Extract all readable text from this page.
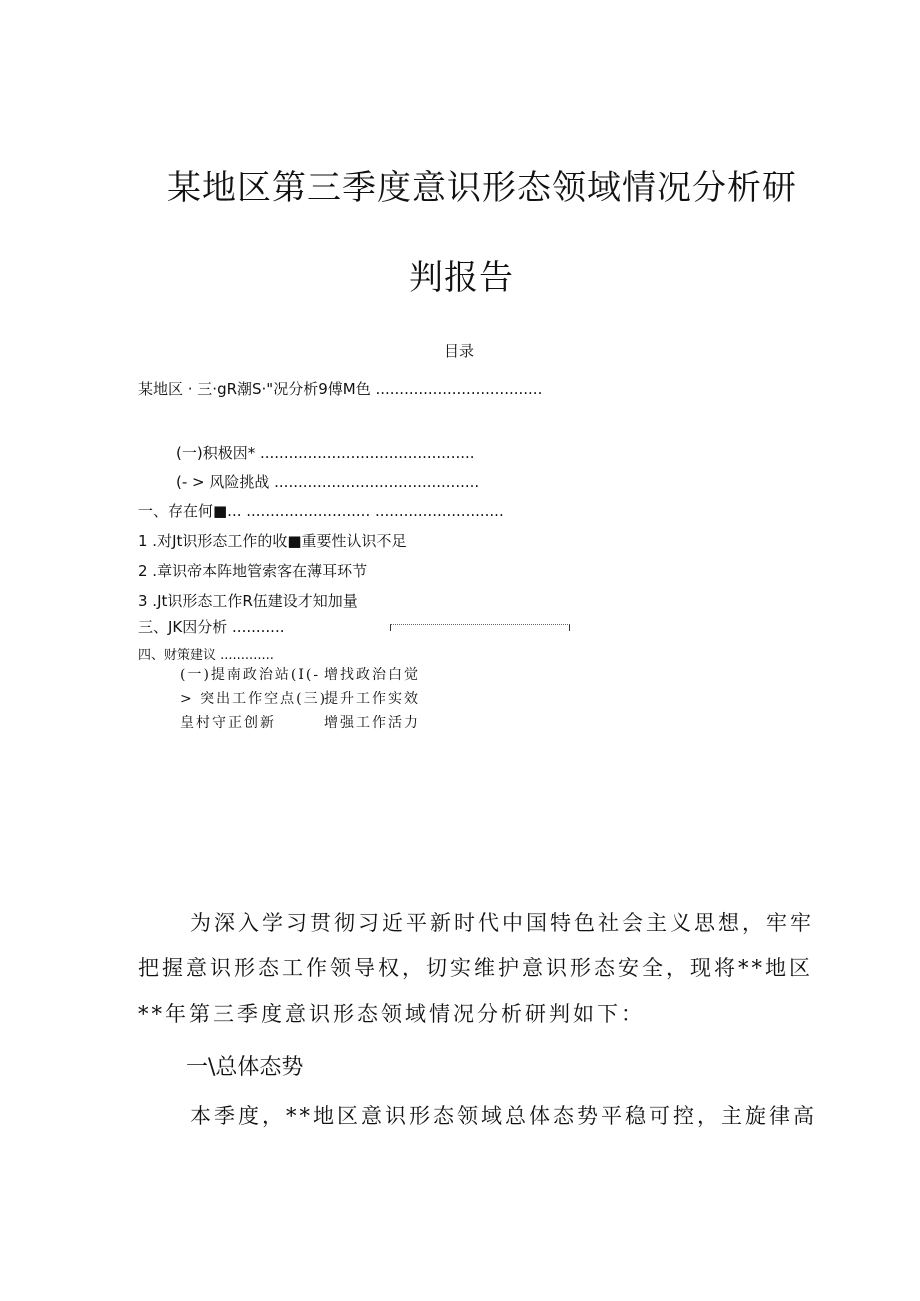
某地区第三季度意识形态领域情况分析研
判报告
目录
某地区 · 三·gR潮S·"况分析9傅M色 ...................................
(一)积极因* .............................................
(- > 风险挑战 ...........................................
一、存在何■... .......................... ...........................
1 .对Jt识形态工作的收■重要性认识不足
2 .章识帝本阵地管索客在薄耳环节
3 .Jt识形态工作R伍建设才知加量
三、JK因分析 ...........
四、财策建议 .............
(一)提南政治站(I(-
> 突出工作空点(三)
皇村守正创新
增找政治白觉
提升工作实效
增强工作活力
为深入学习贯彻习近平新时代中国特色社会主义思想，牢牢
把握意识形态工作领导权，切实维护意识形态安全，现将**地区
**年第三季度意识形态领域情况分析研判如下：
一\总体态势
本季度，**地区意识形态领域总体态势平稳可控，主旋律高
